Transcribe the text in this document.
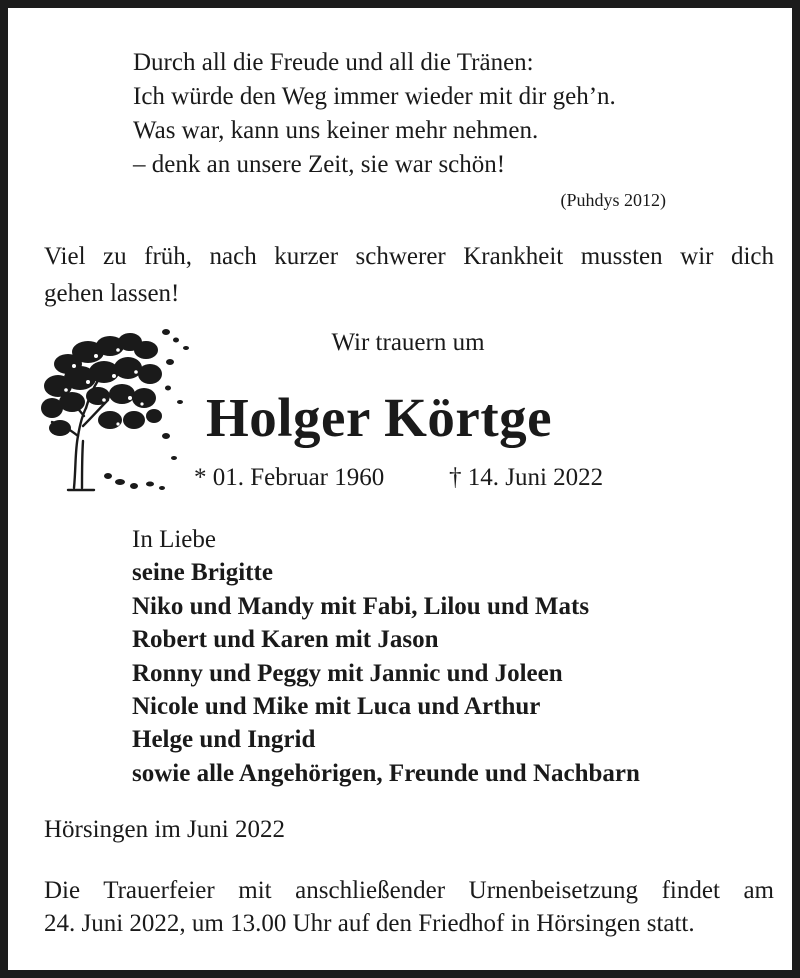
Durch all die Freude und all die Tränen:
Ich würde den Weg immer wieder mit dir geh’n.
Was war, kann uns keiner mehr nehmen.
– denk an unsere Zeit, sie war schön!
(Puhdys 2012)
Viel zu früh, nach kurzer schwerer Krankheit mussten wir dich
gehen lassen!
Wir trauern um
Holger Körtge
* 01. Februar 1960	† 14. Juni 2022
In Liebe
seine Brigitte
Niko und Mandy mit Fabi, Lilou und Mats
Robert und Karen mit Jason
Ronny und Peggy mit Jannic und Joleen
Nicole und Mike mit Luca und Arthur
Helge und Ingrid
sowie alle Angehörigen, Freunde und Nachbarn
Hörsingen im Juni 2022
Die Trauerfeier mit anschließender Urnenbeisetzung findet am
24. Juni 2022, um 13.00 Uhr auf den Friedhof in Hörsingen statt.
